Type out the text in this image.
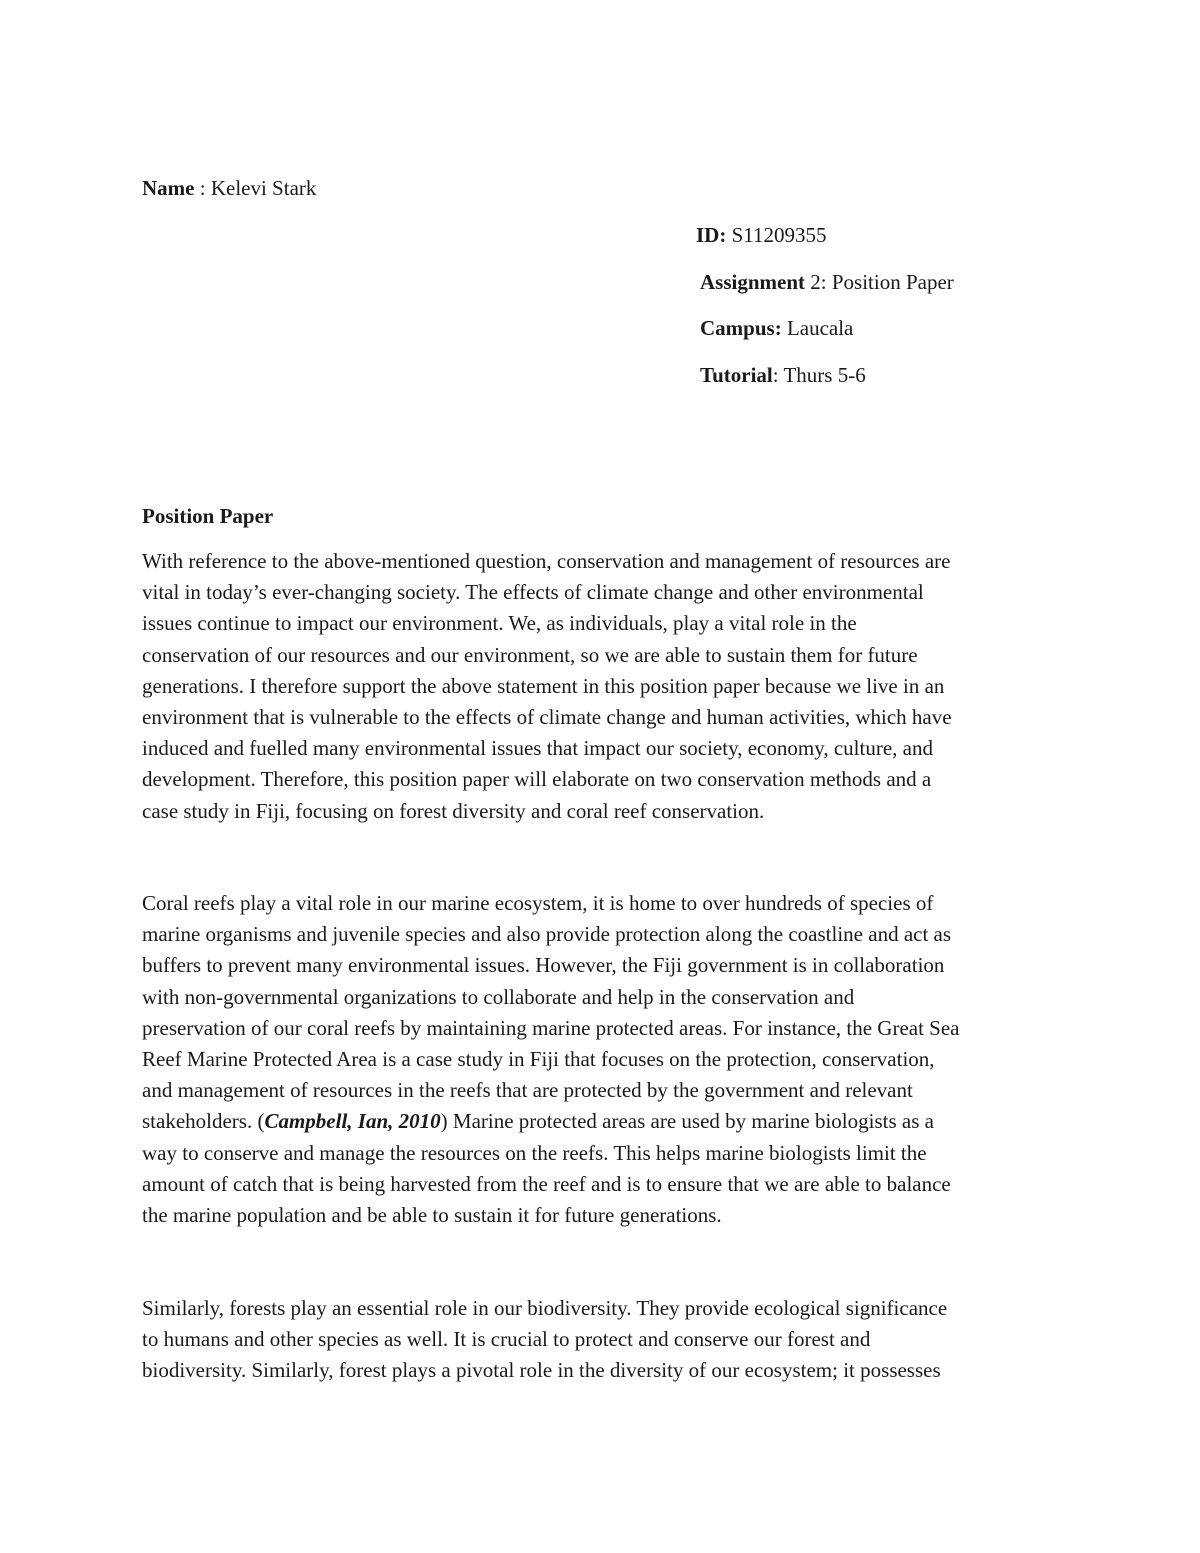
Name : Kelevi Stark
ID: S11209355
Assignment 2: Position Paper
Campus: Laucala
Tutorial: Thurs 5-6
Position Paper

With reference to the above-mentioned question, conservation and management of resources are
vital in today’s ever-changing society. The effects of climate change and other environmental
issues continue to impact our environment. We, as individuals, play a vital role in the
conservation of our resources and our environment, so we are able to sustain them for future
generations. I therefore support the above statement in this position paper because we live in an
environment that is vulnerable to the effects of climate change and human activities, which have
induced and fuelled many environmental issues that impact our society, economy, culture, and
development. Therefore, this position paper will elaborate on two conservation methods and a
case study in Fiji, focusing on forest diversity and coral reef conservation.

Coral reefs play a vital role in our marine ecosystem, it is home to over hundreds of species of
marine organisms and juvenile species and also provide protection along the coastline and act as
buffers to prevent many environmental issues. However, the Fiji government is in collaboration
with non-governmental organizations to collaborate and help in the conservation and
preservation of our coral reefs by maintaining marine protected areas. For instance, the Great Sea
Reef Marine Protected Area is a case study in Fiji that focuses on the protection, conservation,
and management of resources in the reefs that are protected by the government and relevant
stakeholders. (Campbell, Ian, 2010) Marine protected areas are used by marine biologists as a
way to conserve and manage the resources on the reefs. This helps marine biologists limit the
amount of catch that is being harvested from the reef and is to ensure that we are able to balance
the marine population and be able to sustain it for future generations.

Similarly, forests play an essential role in our biodiversity. They provide ecological significance
to humans and other species as well. It is crucial to protect and conserve our forest and
biodiversity. Similarly, forest plays a pivotal role in the diversity of our ecosystem; it possesses
